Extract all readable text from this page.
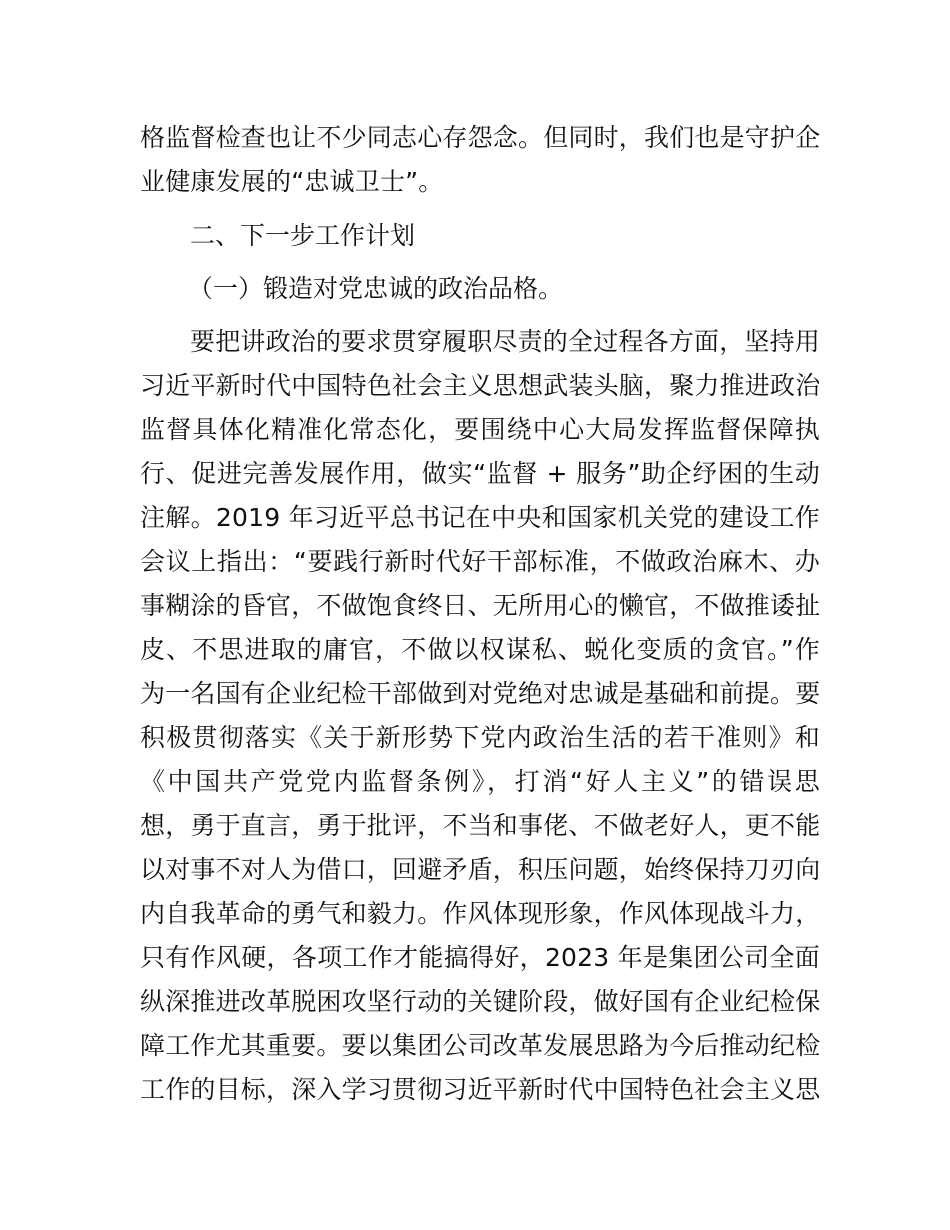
格监督检查也让不少同志心存怨念。但同时，我们也是守护企
业健康发展的“忠诚卫士”。
二、下一步工作计划
（一）锻造对党忠诚的政治品格。
要把讲政治的要求贯穿履职尽责的全过程各方面，坚持用
习近平新时代中国特色社会主义思想武装头脑，聚力推进政治
监督具体化精准化常态化，要围绕中心大局发挥监督保障执
行、促进完善发展作用，做实“监督 + 服务”助企纾困的生动
注解。2019 年习近平总书记在中央和国家机关党的建设工作
会议上指出：“要践行新时代好干部标准，不做政治麻木、办
事糊涂的昏官，不做饱食终日、无所用心的懒官，不做推诿扯
皮、不思进取的庸官，不做以权谋私、蜕化变质的贪官。”作
为一名国有企业纪检干部做到对党绝对忠诚是基础和前提。要
积极贯彻落实《关于新形势下党内政治生活的若干准则》和
《中国共产党党内监督条例》，打消“好人主义”的错误思
想，勇于直言，勇于批评，不当和事佬、不做老好人，更不能
以对事不对人为借口，回避矛盾，积压问题，始终保持刀刃向
内自我革命的勇气和毅力。作风体现形象，作风体现战斗力，
只有作风硬，各项工作才能搞得好，2023 年是集团公司全面
纵深推进改革脱困攻坚行动的关键阶段，做好国有企业纪检保
障工作尤其重要。要以集团公司改革发展思路为今后推动纪检
工作的目标，深入学习贯彻习近平新时代中国特色社会主义思
